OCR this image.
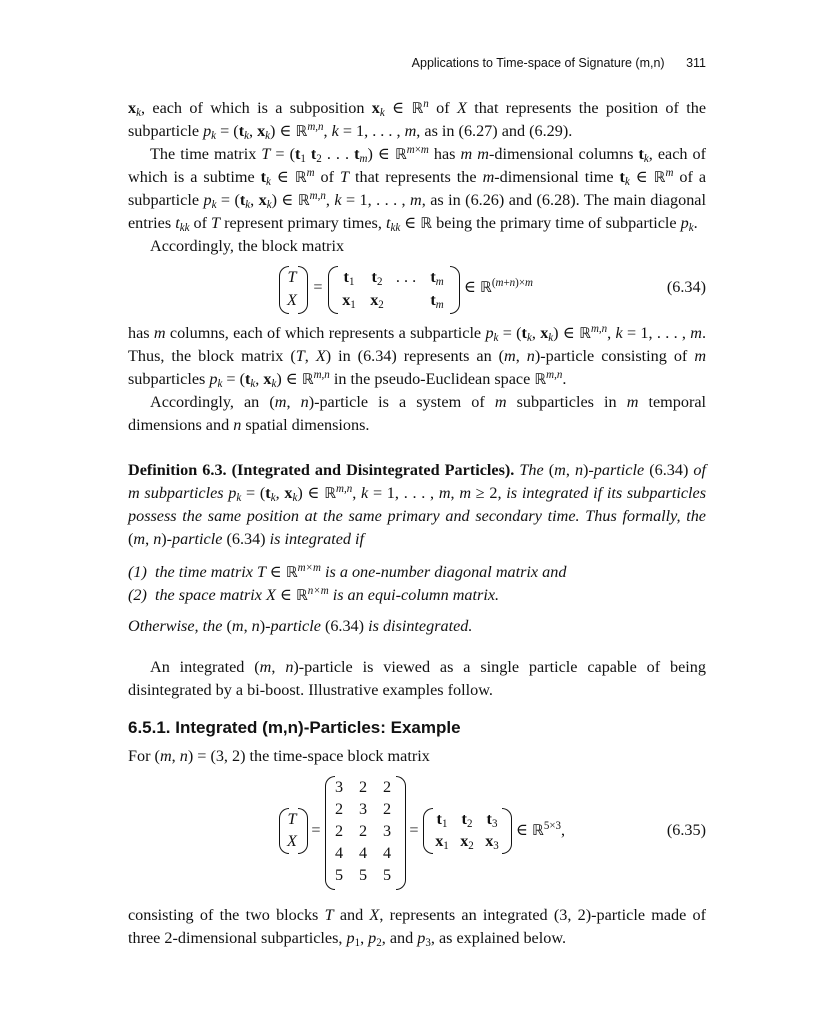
Applications to Time-space of Signature (m,n) 311

$x_k$, each of which is a subposition $x_k$ ∈ ℝ$^n$ of X that represents the position of the subparticle $p_k = (t_k$, $x_k$) ∈ ℝ$^{m,n}$, k = 1, . . . , m, as in (6.27) and (6.29).

The time matrix $T = (t_1$ $t_2$ . . . $t_m$) ∈ ℝ$^{m\times m}$ has m m-dimensional columns $t_k$, each of which is a subtime $t_k$ ∈ ℝ$^m$ of T that represents the m-dimensional time $t_k$ ∈ ℝ$^m$ of a subparticle $p_k = (t_k$, $x_k$) ∈ ℝ$^{m,n}$, k = 1, . . . , m, as in (6.26) and (6.28). The main diagonal entries $t_{kk}$ of T represent primary times, $t_{kk}$ ∈ ℝ being the primary time of subparticle $p_k$.

Accordingly, the block matrix

T
X
=
$t_1$	$t_2$ . . . $t_m$
$x_1$ $x_2$	$t_m$
∈ ℝ$^{(m+n)\times m}$	(6.34)

has m columns, each of which represents a subparticle $p_k = (t_k$, $x_k$) ∈ ℝ$^{m,n}$, k = 1, . . . , m. Thus, the block matrix (T, X) in (6.34) represents an (m, n)-particle consisting of m subparticles $p_k = (t_k$, $x_k$) ∈ ℝ$^{m,n}$ in the pseudo-Euclidean space ℝ$^{m,n}$.

Accordingly, an (m, n)-particle is a system of m subparticles in m temporal dimensions and n spatial dimensions.

Definition 6.3. (Integrated and Disintegrated Particles). The (m, n)-particle (6.34) of m subparticles $p_k = (t_k$, $x_k$) ∈ ℝ$^{m,n}$, k = 1, . . . , m, m ≥ 2, is integrated if its subparticles possess the same position at the same primary and secondary time. Thus formally, the (m, n)-particle (6.34) is integrated if

(1)  the time matrix T ∈ ℝ$^{m\times m}$ is a one-number diagonal matrix and

(2)  the space matrix X ∈ ℝ$^{n\times m}$ is an equi-column matrix.

Otherwise, the (m, n)-particle (6.34) is disintegrated.

An integrated (m, n)-particle is viewed as a single particle capable of being disintegrated by a bi-boost. Illustrative examples follow.

6.5.1. Integrated (m,n)-Particles: Example

For (m, n) = (3, 2) the time-space block matrix

T
X
=
3 2 2
2 3 2
2 2 3
4 4 4
5 5 5
=
$t_1$ $t_2$ $t_3$
$x_1$ $x_2$ $x_3$
∈ ℝ$^{5\times 3}$,	(6.35)

consisting of the two blocks T and X, represents an integrated (3, 2)-particle made of three 2-dimensional subparticles, $p_1$, $p_2$, and $p_3$, as explained below.
